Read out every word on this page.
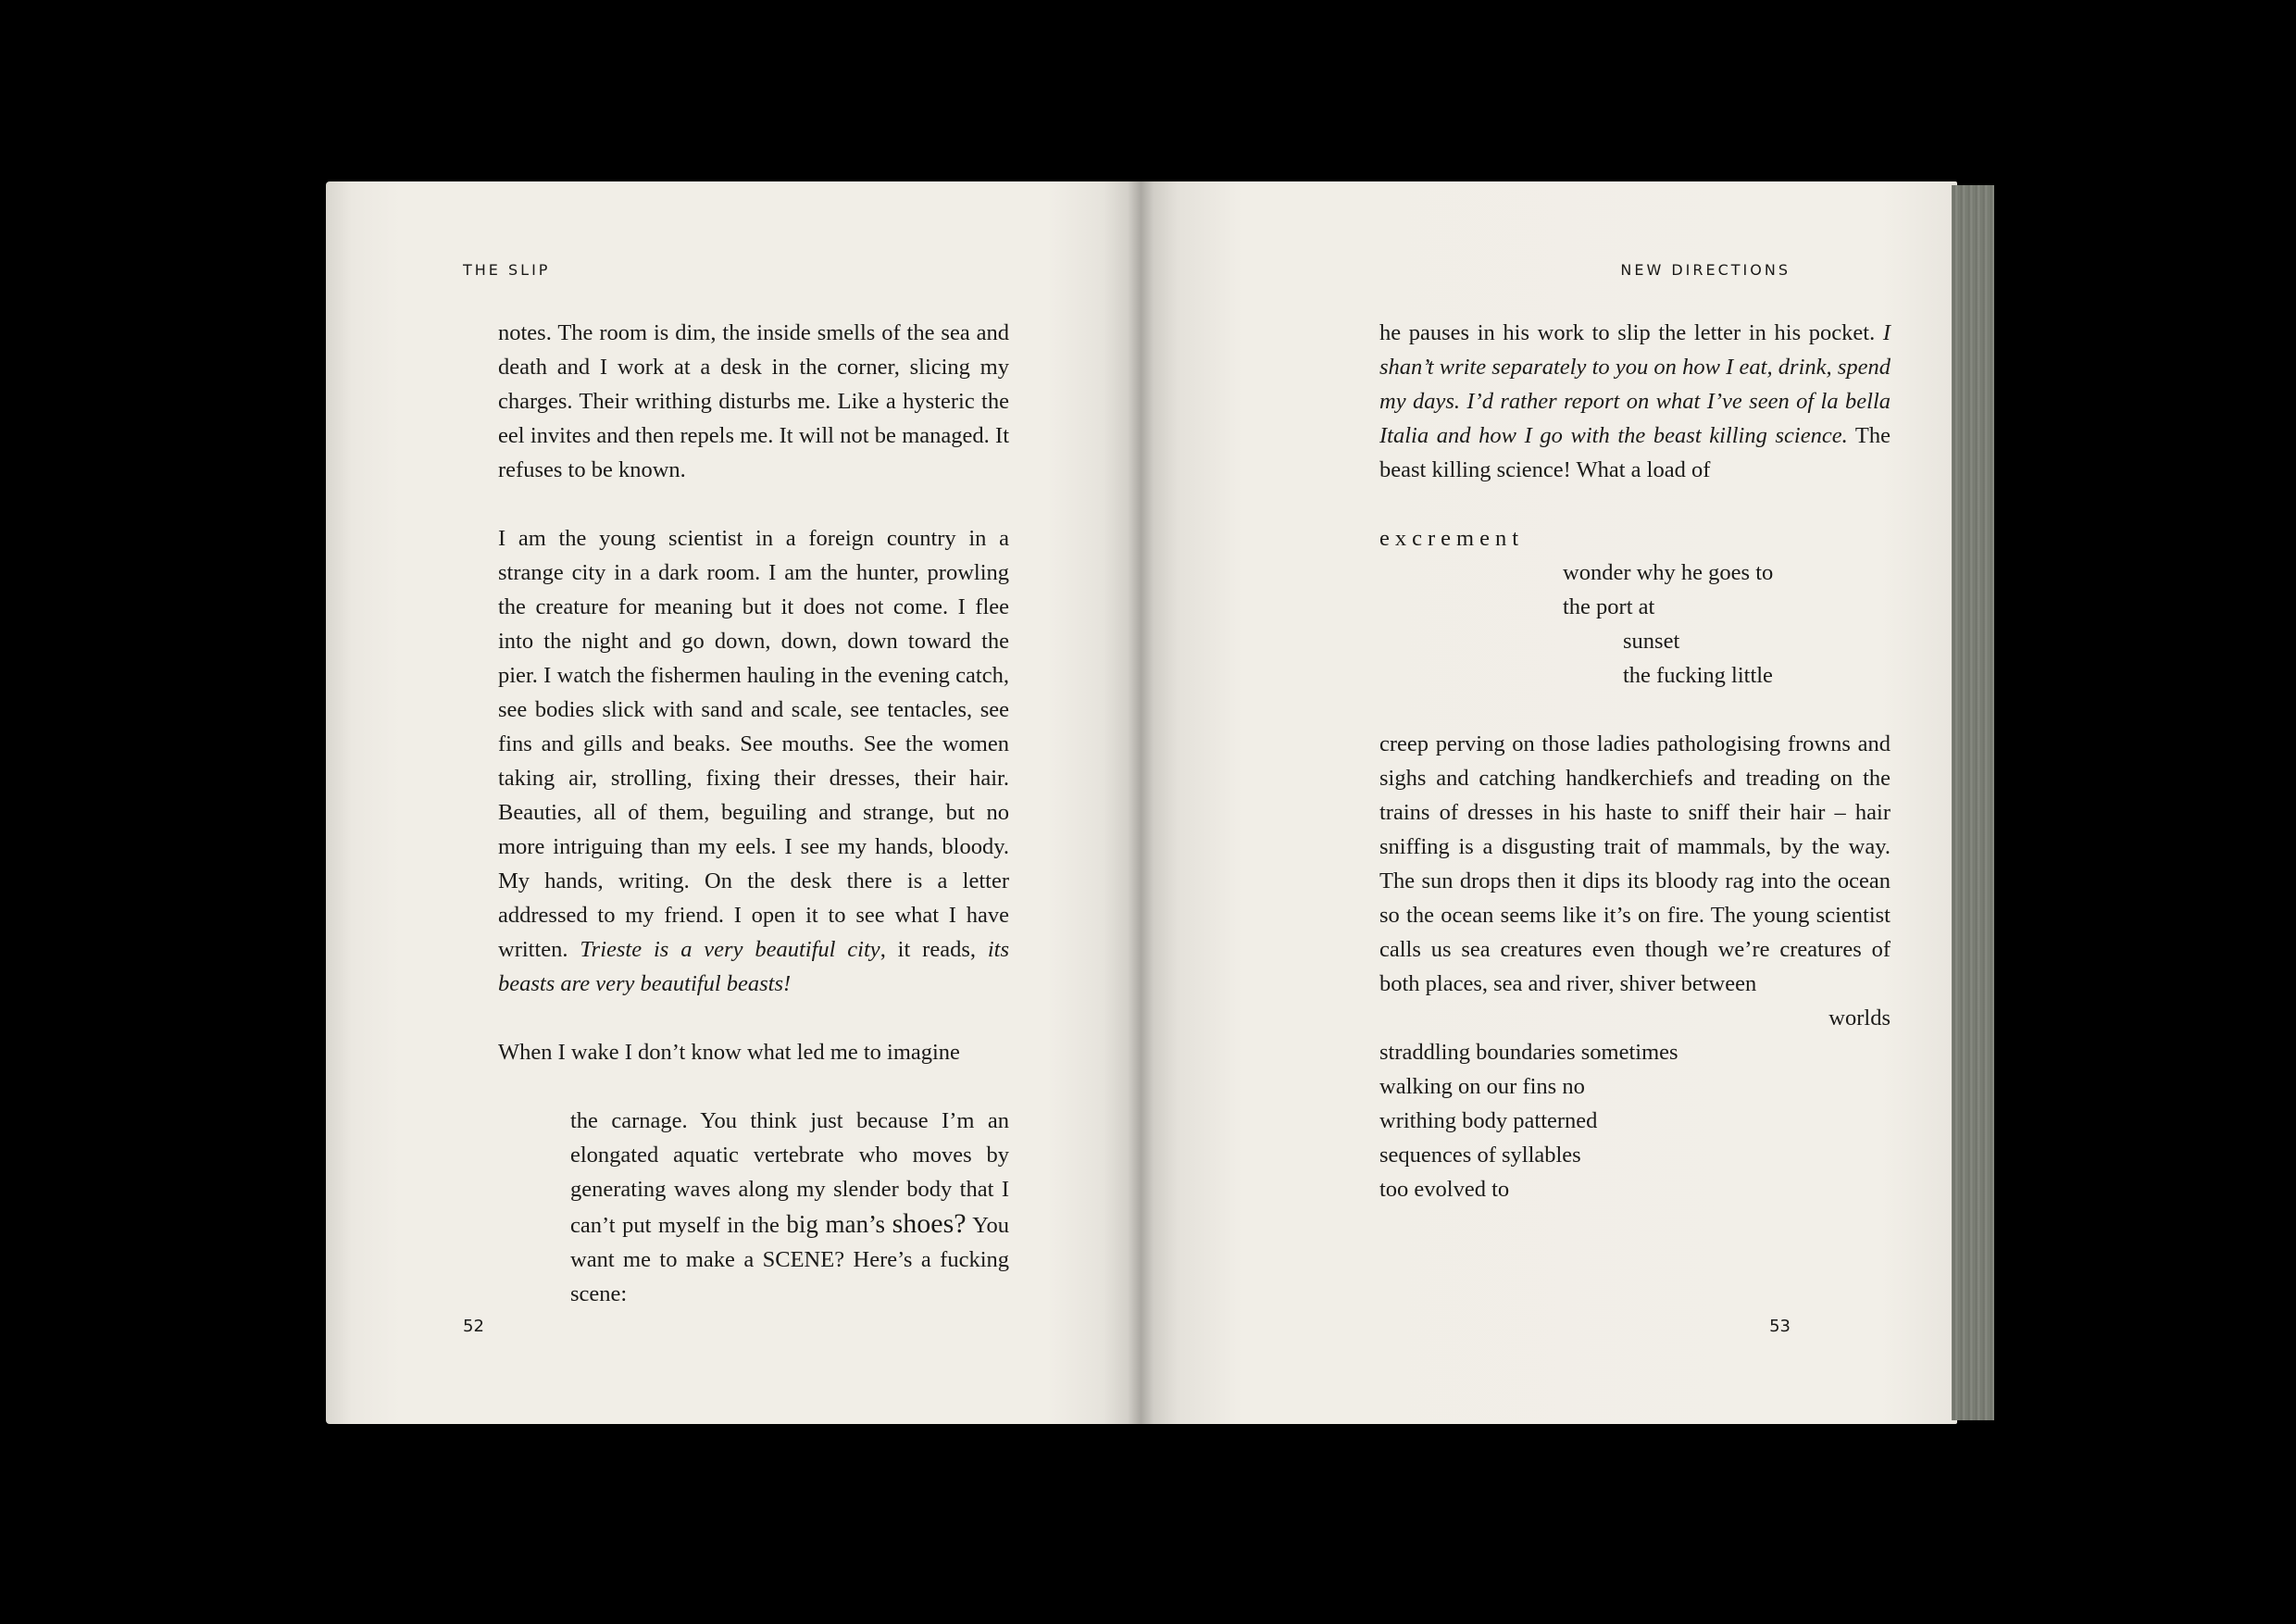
THE SLIP

notes. The room is dim, the inside smells of the sea and death and I work at a desk in the corner, slicing my charges. Their writhing disturbs me. Like a hysteric the eel invites and then repels me. It will not be managed. It refuses to be known.

I am the young scientist in a foreign country in a strange city in a dark room. I am the hunter, prowling the creature for meaning but it does not come. I flee into the night and go down, down, down toward the pier. I watch the fishermen hauling in the evening catch, see bodies slick with sand and scale, see tentacles, see fins and gills and beaks. See mouths. See the women taking air, strolling, fixing their dresses, their hair. Beauties, all of them, beguiling and strange, but no more intriguing than my eels. I see my hands, bloody. My hands, writing. On the desk there is a letter addressed to my friend. I open it to see what I have written. Trieste is a very beautiful city, it reads, its beasts are very beautiful beasts!

When I wake I don’t know what led me to imagine

the carnage. You think just because I’m an elongated aquatic vertebrate who moves by generating waves along my slender body that I can’t put myself in the big man’s shoes? You want me to make a SCENE? Here’s a fucking scene:

52
NEW DIRECTIONS

he pauses in his work to slip the letter in his pocket. I shan’t write separately to you on how I eat, drink, spend my days. I’d rather report on what I’ve seen of la bella Italia and how I go with the beast killing science. The beast killing science! What a load of

excrement

wonder why he goes to

the port at

sunset

the fucking little

creep perving on those ladies pathologising frowns and sighs and catching handkerchiefs and treading on the trains of dresses in his haste to sniff their hair – hair sniffing is a disgusting trait of mammals, by the way. The sun drops then it dips its bloody rag into the ocean so the ocean seems like it’s on fire. The young scientist calls us sea creatures even though we’re creatures of both places, sea and river, shiver between

worlds

straddling boundaries sometimes

walking on our fins no

writhing body patterned

sequences of syllables

too evolved to

53
